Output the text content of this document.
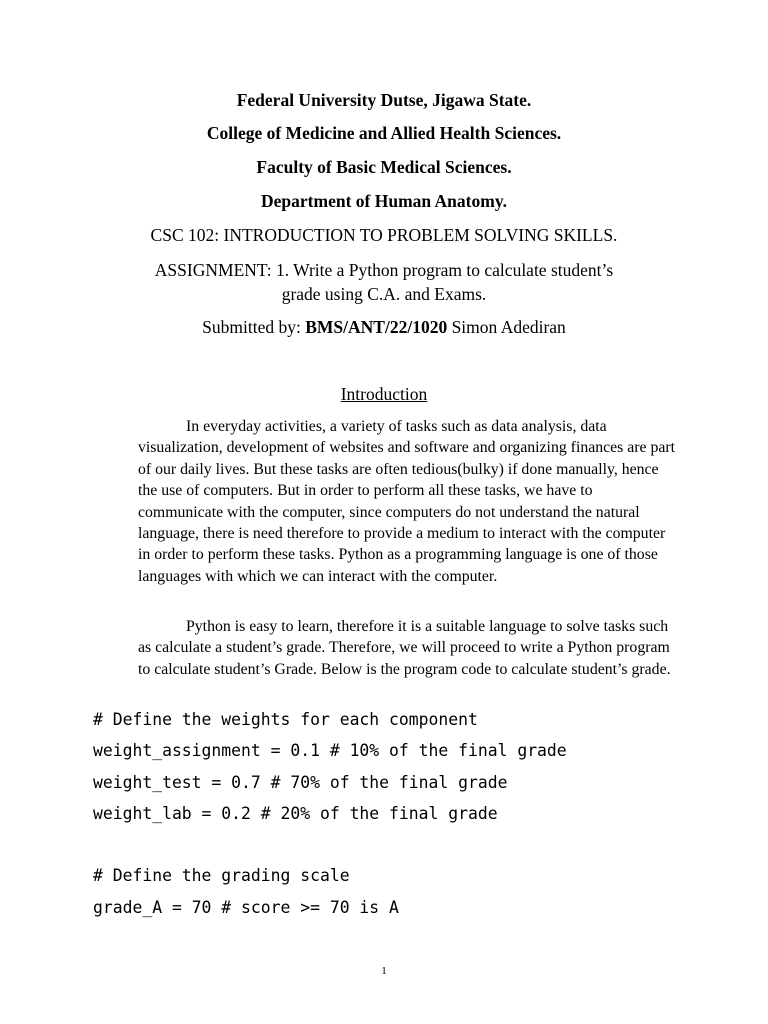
Federal University Dutse, Jigawa State.
College of Medicine and Allied Health Sciences.
Faculty of Basic Medical Sciences.
Department of Human Anatomy.
CSC 102: INTRODUCTION TO PROBLEM SOLVING SKILLS.
ASSIGNMENT: 1. Write a Python program to calculate student’s
grade using C.A. and Exams.
Submitted by: BMS/ANT/22/1020 Simon Adediran
Introduction

In everyday activities, a variety of tasks such as data analysis, data visualization, development of websites and software and organizing finances are part of our daily lives. But these tasks are often tedious(bulky) if done manually, hence the use of computers. But in order to perform all these tasks, we have to communicate with the computer, since computers do not understand the natural language, there is need therefore to provide a medium to interact with the computer in order to perform these tasks. Python as a programming language is one of those languages with which we can interact with the computer.

Python is easy to learn, therefore it is a suitable language to solve tasks such as calculate a student’s grade. Therefore, we will proceed to write a Python program to calculate student’s Grade. Below is the program code to calculate student’s grade.

# Define the weights for each component
weight_assignment = 0.1 # 10% of the final grade
weight_test = 0.7 # 70% of the final grade
weight_lab = 0.2 # 20% of the final grade
# Define the grading scale
grade_A = 70 # score >= 70 is A
1
